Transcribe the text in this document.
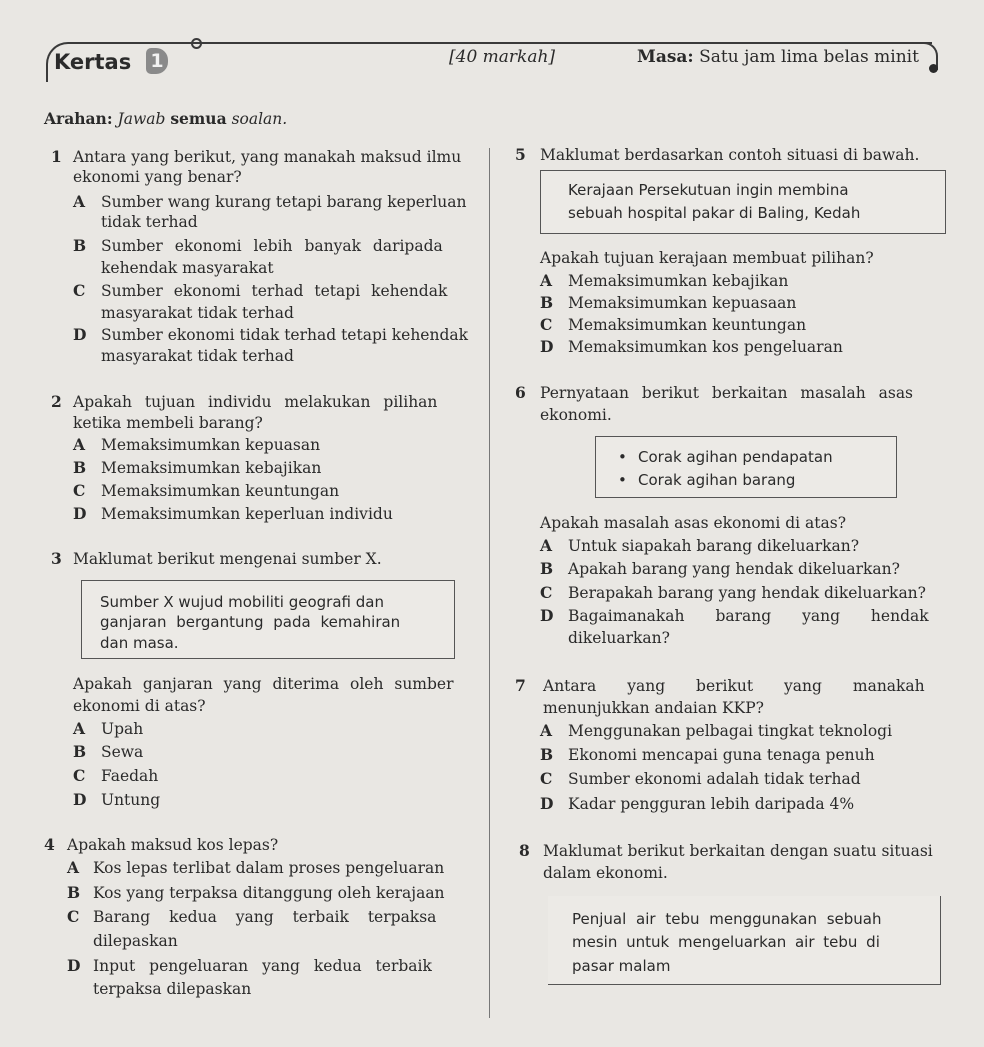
Kertas 1	[40 markah]	Masa: Satu jam lima belas minit
Arahan: Jawab semua soalan.
1 Antara yang berikut, yang manakah maksud ilmu
ekonomi yang benar?
A Sumber wang kurang tetapi barang keperluan
tidak terhad
B Sumber ekonomi lebih banyak daripada
kehendak masyarakat
C Sumber ekonomi terhad tetapi kehendak
masyarakat tidak terhad
D Sumber ekonomi tidak terhad tetapi kehendak
masyarakat tidak terhad
2 Apakah tujuan individu melakukan pilihan
ketika membeli barang?
A Memaksimumkan kepuasan
B Memaksimumkan kebajikan
C Memaksimumkan keuntungan
D Memaksimumkan keperluan individu
3 Maklumat berikut mengenai sumber X.
Sumber X wujud mobiliti geografi dan
ganjaran bergantung pada kemahiran
dan masa.
Apakah ganjaran yang diterima oleh sumber
ekonomi di atas?
A Upah
B Sewa
C Faedah
D Untung
4 Apakah maksud kos lepas?
A Kos lepas terlibat dalam proses pengeluaran
B Kos yang terpaksa ditanggung oleh kerajaan
C Barang kedua yang terbaik terpaksa
dilepaskan
D Input pengeluaran yang kedua terbaik
terpaksa dilepaskan
5 Maklumat berdasarkan contoh situasi di bawah.
Kerajaan Persekutuan ingin membina
sebuah hospital pakar di Baling, Kedah
Apakah tujuan kerajaan membuat pilihan?
A Memaksimumkan kebajikan
B Memaksimumkan kepuasaan
C Memaksimumkan keuntungan
D Memaksimumkan kos pengeluaran
6 Pernyataan berikut berkaitan masalah asas
ekonomi.
• Corak agihan pendapatan
• Corak agihan barang
Apakah masalah asas ekonomi di atas?
A Untuk siapakah barang dikeluarkan?
B Apakah barang yang hendak dikeluarkan?
C Berapakah barang yang hendak dikeluarkan?
D Bagaimanakah barang yang hendak
dikeluarkan?
7 Antara yang berikut yang manakah
menunjukkan andaian KKP?
A Menggunakan pelbagai tingkat teknologi
B Ekonomi mencapai guna tenaga penuh
C Sumber ekonomi adalah tidak terhad
D Kadar pengguran lebih daripada 4%
8 Maklumat berikut berkaitan dengan suatu situasi
dalam ekonomi.
Penjual air tebu menggunakan sebuah
mesin untuk mengeluarkan air tebu di
pasar malam
